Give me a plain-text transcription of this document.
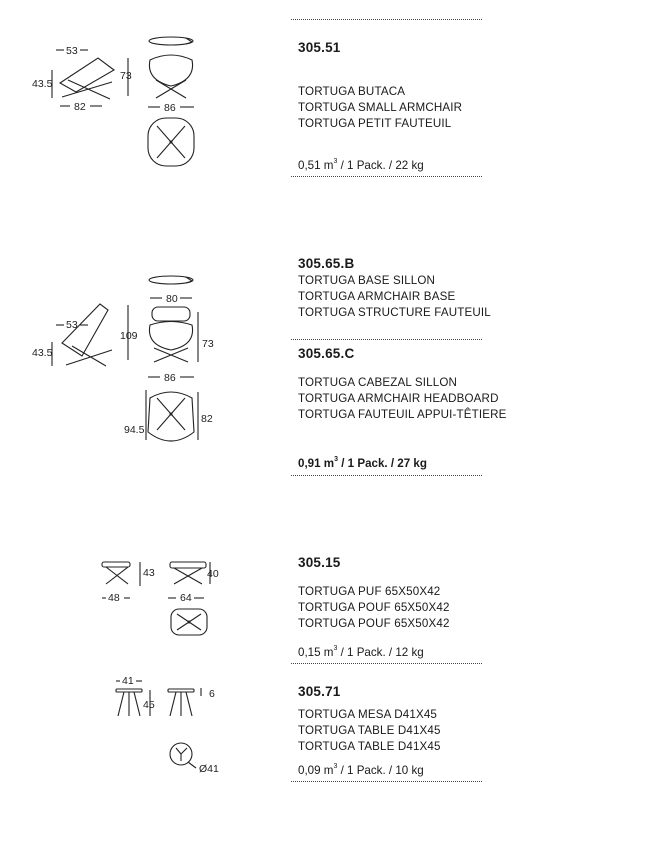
305.51
TORTUGA BUTACA
TORTUGA SMALL ARMCHAIR
TORTUGA PETIT FAUTEUIL
0,51 $m^3 / 1$ Pack. / 22 kg
305.65.B
TORTUGA BASE SILLON
TORTUGA ARMCHAIR BASE
TORTUGA STRUCTURE FAUTEUIL
305.65.C
TORTUGA CABEZAL SILLON
TORTUGA ARMCHAIR HEADBOARD
TORTUGA FAUTEUIL APPUI-TÊTIERE
0,91 $m^3 / 1$ Pack. / 27 kg
305.15
TORTUGA PUF 65X50X42
TORTUGA POUF 65X50X42
TORTUGA POUF 65X50X42
0,15 $m^3 / 1$ Pack. / 12 kg
305.71
TORTUGA MESA D41X45
TORTUGA TABLE D41X45
TORTUGA TABLE D41X45
0,09 $m^3 / 1$ Pack. / 10 kg
53
43.5
82
73
86
53
43.5
109
80
73
86
94.5
82
43
48
40
64
41
45
6
Ø41
